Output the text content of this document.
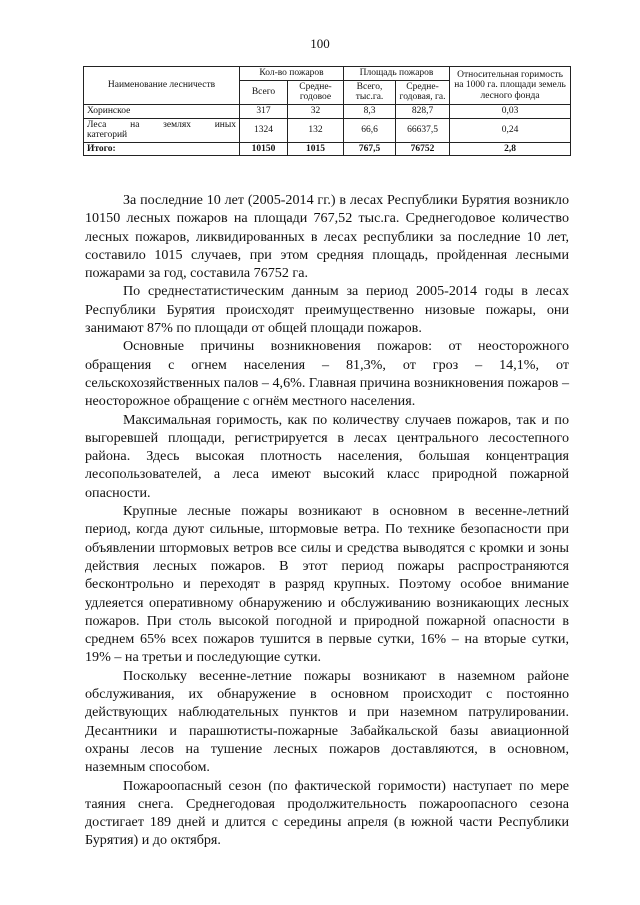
100
Наименование лесничеств	Кол-во пожаров		Площадь пожаров		Относительная горимость на 1000 га. площади земель лесного фонда
	Всего	Средне-годовое	Всего, тыс.га.	Средне-годовая, га.	
Хоринское	317	32	8,3	828,7	0,03

Леса на землях иных
категорий	1324	132	66,6	66637,5	0,24
Итого:	10150	1015	767,5	76752	2,8

За последние 10 лет (2005-2014 гг.) в лесах Республики Бурятия возникло 10150 лесных пожаров на площади 767,52 тыс.га. Среднегодовое количество лесных пожаров, ликвидированных в лесах республики за последние 10 лет, составило 1015 случаев, при этом средняя площадь, пройденная лесными пожарами за год, составила 76752 га.

По среднестатистическим данным за период 2005-2014 годы в лесах Республики Бурятия происходят преимущественно низовые пожары, они занимают 87% по площади от общей площади пожаров.

Основные причины возникновения пожаров: от неосторожного обращения с огнем населения – 81,3%, от гроз – 14,1%, от сельскохозяйственных палов – 4,6%. Главная причина возникновения пожаров – неосторожное обращение с огнём местного населения.

Максимальная горимость, как по количеству случаев пожаров, так и по выгоревшей площади, регистрируется в лесах центрального лесостепного района. Здесь высокая плотность населения, большая концентрация лесопользователей, а леса имеют высокий класс природной пожарной опасности.

Крупные лесные пожары возникают в основном в весенне-летний период, когда дуют сильные, штормовые ветра. По технике безопасности при объявлении штормовых ветров все силы и средства выводятся с кромки и зоны действия лесных пожаров. В этот период пожары распространяются бесконтрольно и переходят в разряд крупных. Поэтому особое внимание удлеяется оперативному обнаружению и обслуживанию возникающих лесных пожаров. При столь высокой погодной и природной пожарной опасности в среднем 65% всех пожаров тушится в первые сутки, 16% – на вторые сутки, 19% – на третьи и последующие сутки.

Поскольку весенне-летние пожары возникают в наземном районе обслуживания, их обнаружение в основном происходит с постоянно действующих наблюдательных пунктов и при наземном патрулировании. Десантники и парашютисты-пожарные Забайкальской базы авиационной охраны лесов на тушение лесных пожаров доставляются, в основном, наземным способом.

Пожароопасный сезон (по фактической горимости) наступает по мере таяния снега. Среднегодовая продолжительность пожароопасного сезона достигает 189 дней и длится с середины апреля (в южной части Республики Бурятия) и до октября.
